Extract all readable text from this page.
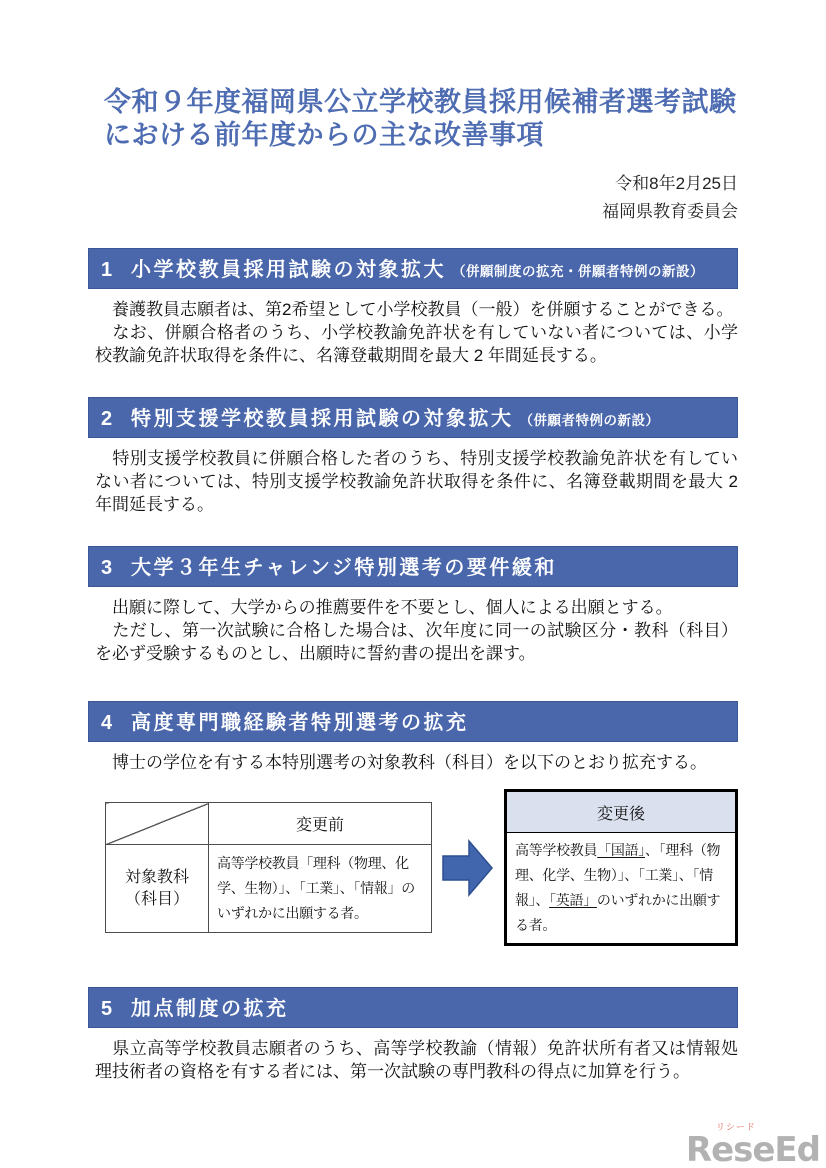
令和９年度福岡県公立学校教員採用候補者選考試験
における前年度からの主な改善事項
令和8年2月25日
福岡県教育委員会
1 小学校教員採用試験の対象拡大 （併願制度の拡充・併願者特例の新設）

　養護教員志願者は、第2希望として小学校教員（一般）を併願することができる。

　なお、併願合格者のうち、小学校教諭免許状を有していない者については、小学校教諭免許状取得を条件に、名簿登載期間を最大 2 年間延長する。

2 特別支援学校教員採用試験の対象拡大 （併願者特例の新設）

　特別支援学校教員に併願合格した者のうち、特別支援学校教諭免許状を有していない者については、特別支援学校教諭免許状取得を条件に、名簿登載期間を最大 2 年間延長する。

3 大学３年生チャレンジ特別選考の要件緩和

　出願に際して、大学からの推薦要件を不要とし、個人による出願とする。

　ただし、第一次試験に合格した場合は、次年度に同一の試験区分・教科（科目）を必ず受験するものとし、出願時に誓約書の提出を課す。

4 高度専門職経験者特別選考の拡充

　博士の学位を有する本特別選考の対象教科（科目）を以下のとおり拡充する。

	変更前
対象教科
（科目）	高等学校教員「理科（物理、化学、生物）」、「工業」、「情報」のいずれかに出願する者。
変更後
高等学校教員「国語」、「理科（物理、化学、生物）」、「工業」、「情報」、「英語」のいずれかに出願する者。
5 加点制度の拡充

　県立高等学校教員志願者のうち、高等学校教諭（情報）免許状所有者又は情報処理技術者の資格を有する者には、第一次試験の専門教科の得点に加算を行う。

リシード
ReseEd
